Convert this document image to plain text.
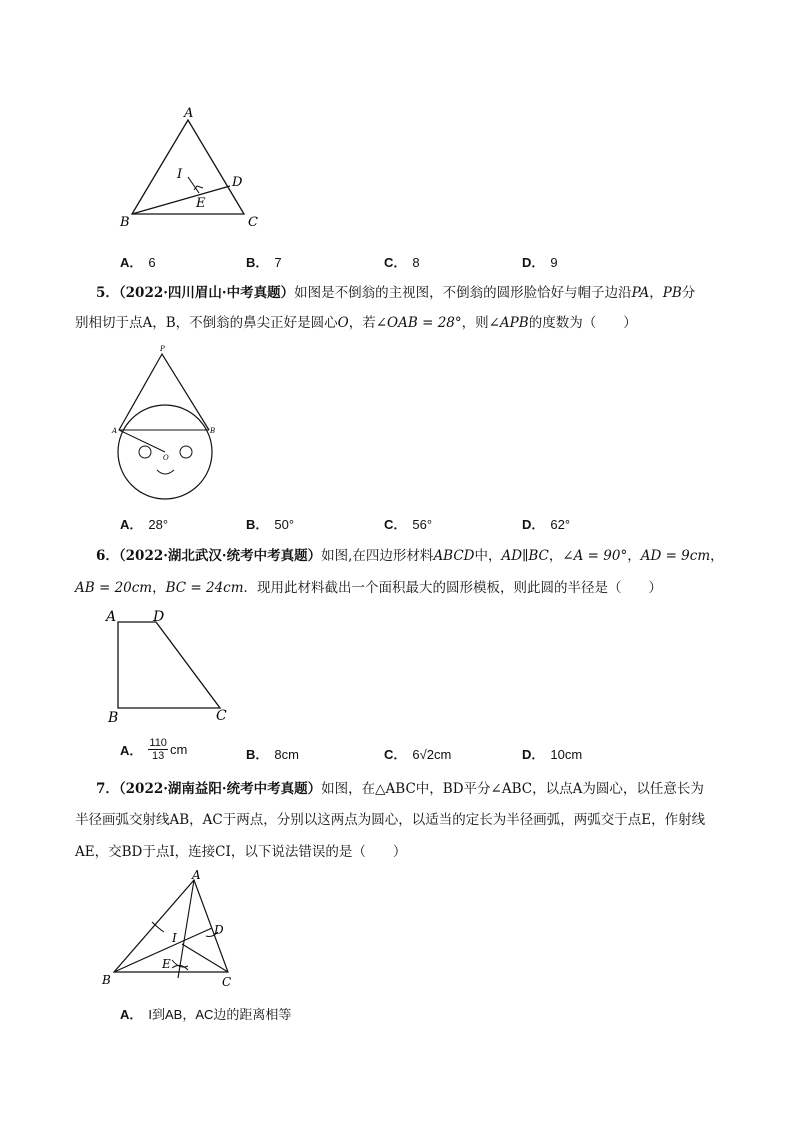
A
B	C
D
E
I
A． 6	B． 7	C． 8	D． 9
5．（2022·四川眉山·中考真题）如图是不倒翁的主视图，不倒翁的圆形脸恰好与帽子边沿PA，PB分
别相切于点A，B，不倒翁的鼻尖正好是圆心O，若∠OAB = 28°，则∠APB的度数为（　　）
P
A	B
O
A． 28°	B． 50°	C． 56°	D． 62°
6．（2022·湖北武汉·统考中考真题）如图,在四边形材料ABCD中，AD∥BC，∠A = 90°，AD = 9cm，
AB = 20cm，BC = 24cm．现用此材料截出一个面积最大的圆形模板，则此圆的半径是（　　）
A	D
B	C
A． $\frac{110}{13}$ cm	B． 8cm	C． 6√2cm	D． 10cm
7．（2022·湖南益阳·统考中考真题）如图，在△ABC中，BD平分∠ABC，以点A为圆心，以任意长为
半径画弧交射线AB，AC于两点，分别以这两点为圆心，以适当的定长为半径画弧，两弧交于点E，作射线
AE，交BD于点I，连接CI，以下说法错误的是（　　）
A
B	C
D
E
I
A． I到AB，AC边的距离相等
